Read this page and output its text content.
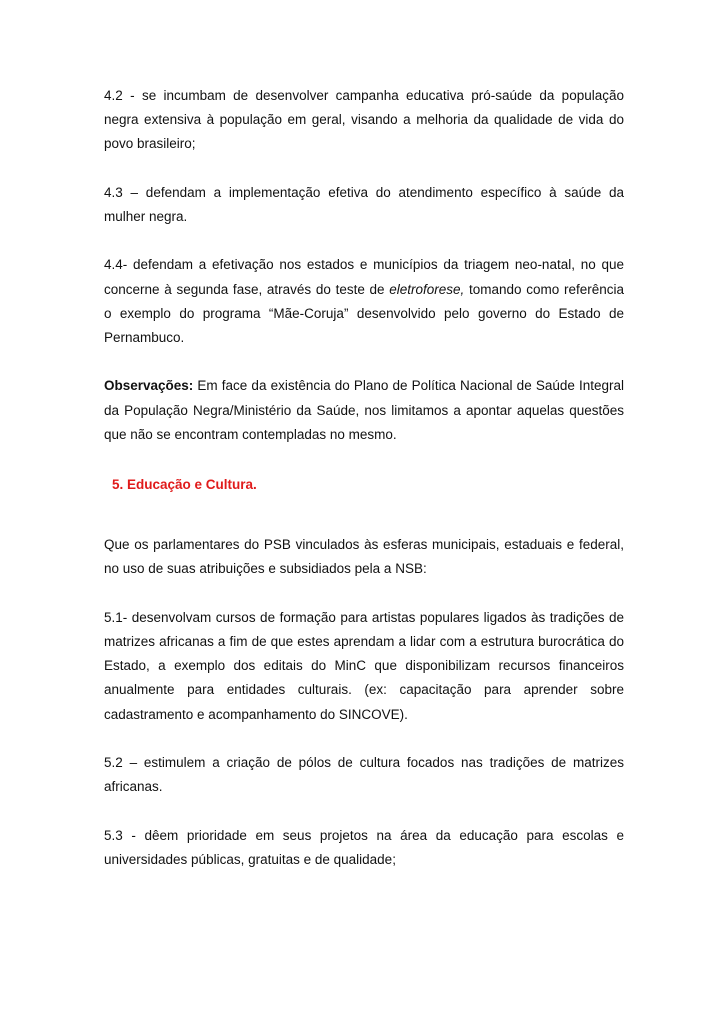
4.2 - se incumbam de desenvolver campanha educativa pró-saúde da população negra extensiva à população em geral, visando a melhoria da qualidade de vida do povo brasileiro;

4.3 – defendam a implementação efetiva do atendimento específico à saúde da mulher negra.

4.4- defendam a efetivação nos estados e municípios da triagem neo-natal, no que concerne à segunda fase, através do teste de eletroforese, tomando como referência o exemplo do programa “Mãe-Coruja” desenvolvido pelo governo do Estado de Pernambuco.

Observações: Em face da existência do Plano de Política Nacional de Saúde Integral da População Negra/Ministério da Saúde, nos limitamos a apontar aquelas questões que não se encontram contempladas no mesmo.

5. Educação e Cultura.

Que os parlamentares do PSB vinculados às esferas municipais, estaduais e federal, no uso de suas atribuições e subsidiados pela a NSB:

5.1- desenvolvam cursos de formação para artistas populares ligados às tradições de matrizes africanas a fim de que estes aprendam a lidar com a estrutura burocrática do Estado, a exemplo dos editais do MinC que disponibilizam recursos financeiros anualmente para entidades culturais. (ex: capacitação para aprender sobre cadastramento e acompanhamento do SINCOVE).

5.2 – estimulem a criação de pólos de cultura focados nas tradições de matrizes africanas.

5.3 - dêem prioridade em seus projetos na área da educação para escolas e universidades públicas, gratuitas e de qualidade;
